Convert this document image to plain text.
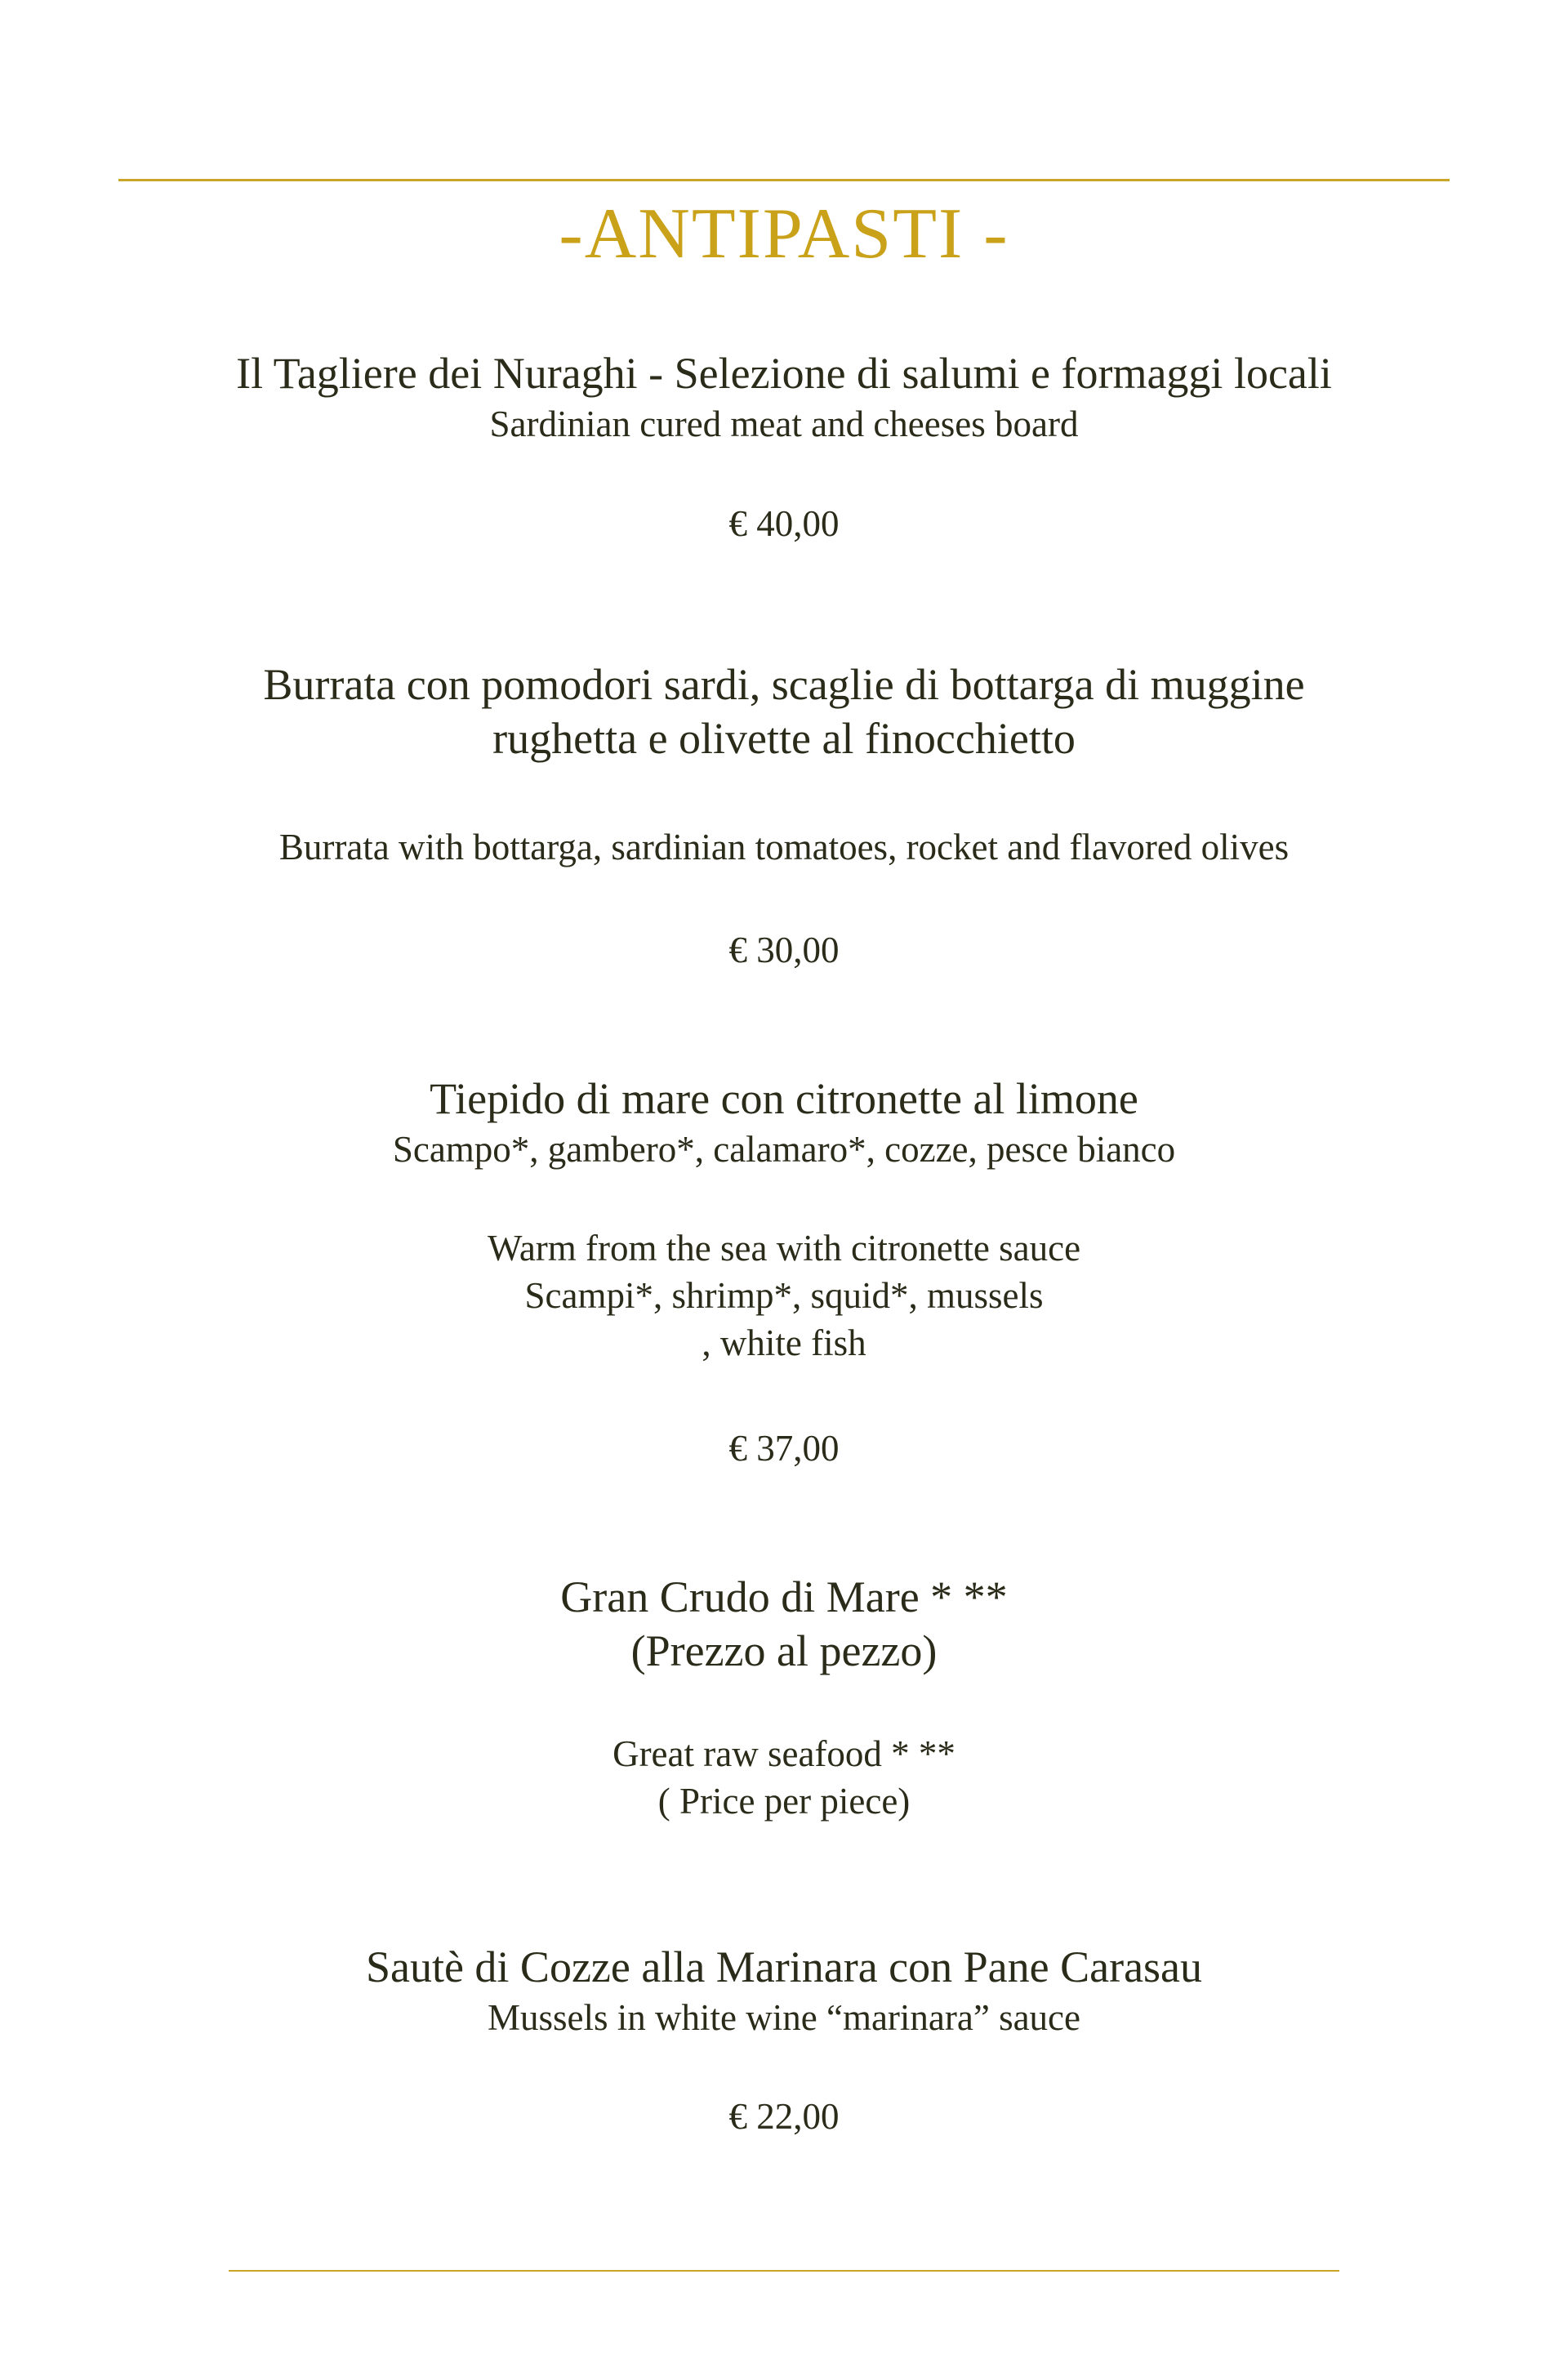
-ANTIPASTI -
Il Tagliere dei Nuraghi - Selezione di salumi e formaggi locali
Sardinian cured meat and cheeses board
€ 40,00
Burrata con pomodori sardi, scaglie di bottarga di muggine
rughetta e olivette al finocchietto
Burrata with bottarga, sardinian tomatoes, rocket and flavored olives
€ 30,00
Tiepido di mare con citronette al limone
Scampo*, gambero*, calamaro*, cozze, pesce bianco
Warm from the sea with citronette sauce
Scampi*, shrimp*, squid*, mussels
, white fish
€ 37,00
Gran Crudo di Mare * **
(Prezzo al pezzo)
Great raw seafood * **
( Price per piece)
Sautè di Cozze alla Marinara con Pane Carasau
Mussels in white wine “marinara” sauce
€ 22,00
